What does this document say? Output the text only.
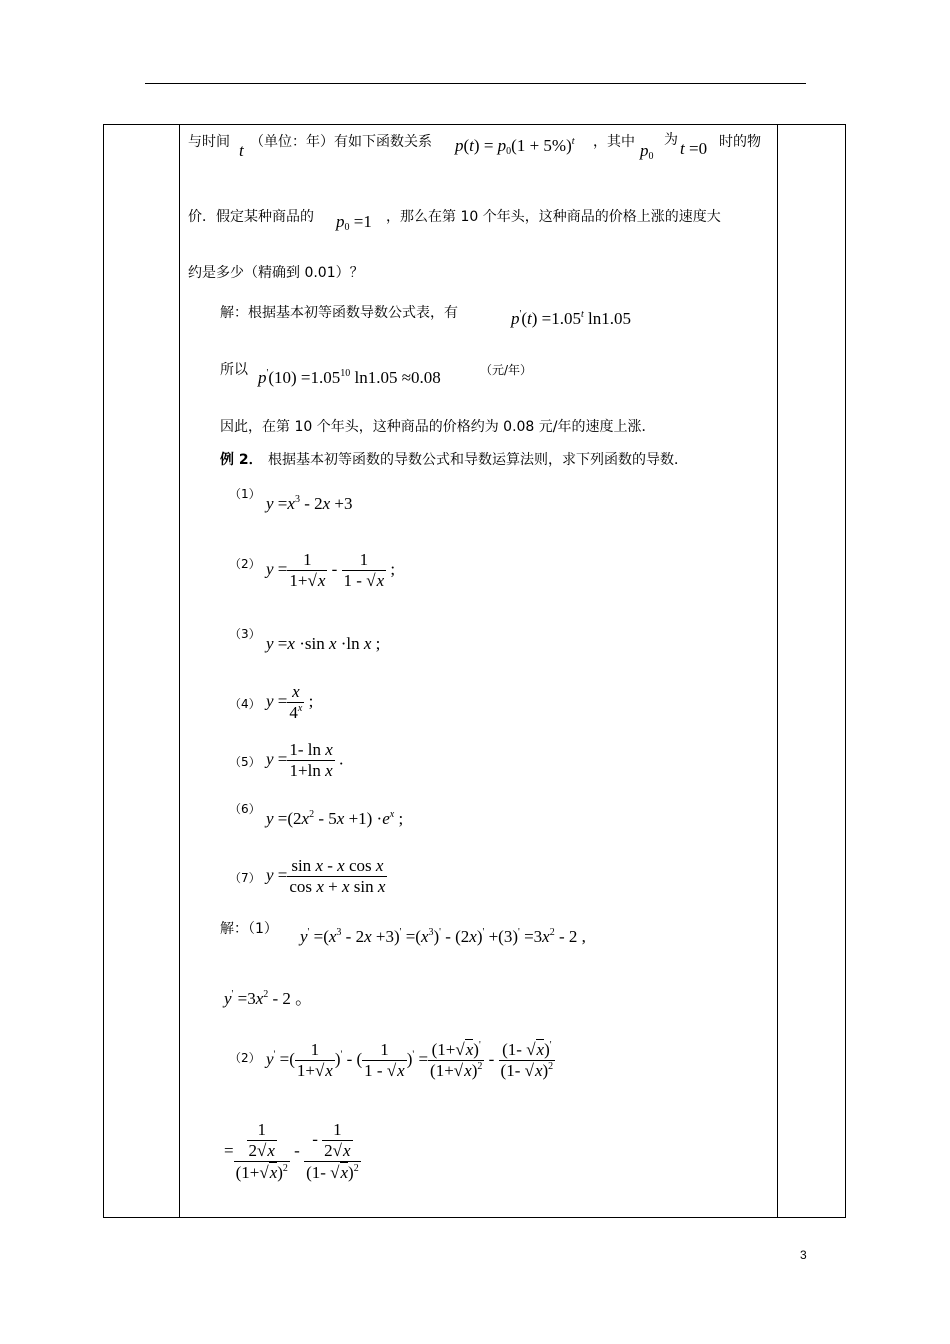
与时间 t （单位：年）有如下函数关系 $p(t) = p_0(1 + 5\%)^t$ ，其中 $p_0$
为 t =0 时的物
价．假定某种商品的 $p_0 =1$ ，那么在第 10 个年头，这种商品的价格上涨的速度大
约是多少（精确到 0.01）？
解：根据基本初等函数导数公式表，有	$p'(t) =1.05^t$ ln1.05
所以 $p'(10) =1.05^{10}$ ln1.05 ≈0.08	（元/年）
因此，在第 10 个年头，这种商品的价格约为 0.08 元/年的速度上涨．
例 2． 根据基本初等函数的导数公式和导数运算法则，求下列函数的导数．
（1） $y =x^3 - 2x +3$
（2） $y = \frac{1}{1+√x} - \frac{1}{1 - √x}$ ;
（3） y =x ·sin x ·ln x ;
（4） $y = \frac{x}{4^x}$ ;
（5） $y = \frac{\text{1- ln x}}{\text{1+ln x}}$ .
（6） $y =(2x^2 - 5x +1) \cdot e^x$ ;
（7） $y = \frac{\text{sin x - x cos x}}{\text{cos x + x sin x}}$
解：（1） $y' =(x^3 - 2x +3)' =(x^3)' - (2x)' +(3)' =3x^2 - 2$ ,
$y' =3x^2 - 2$ 。
（2） y' =( $\frac{1}{1+√x} )'$ - ( $\frac{1}{1 - √x} )' = \frac{(1+√x)'}{(1+√x)^2} - \frac{(1- √x)'}{(1- √x)^2}$
= $\frac{\frac{1}{2√x}}{(1+√x)^2} - \frac{- \frac{1}{2√x}}{(1- √x)^2}$
3
